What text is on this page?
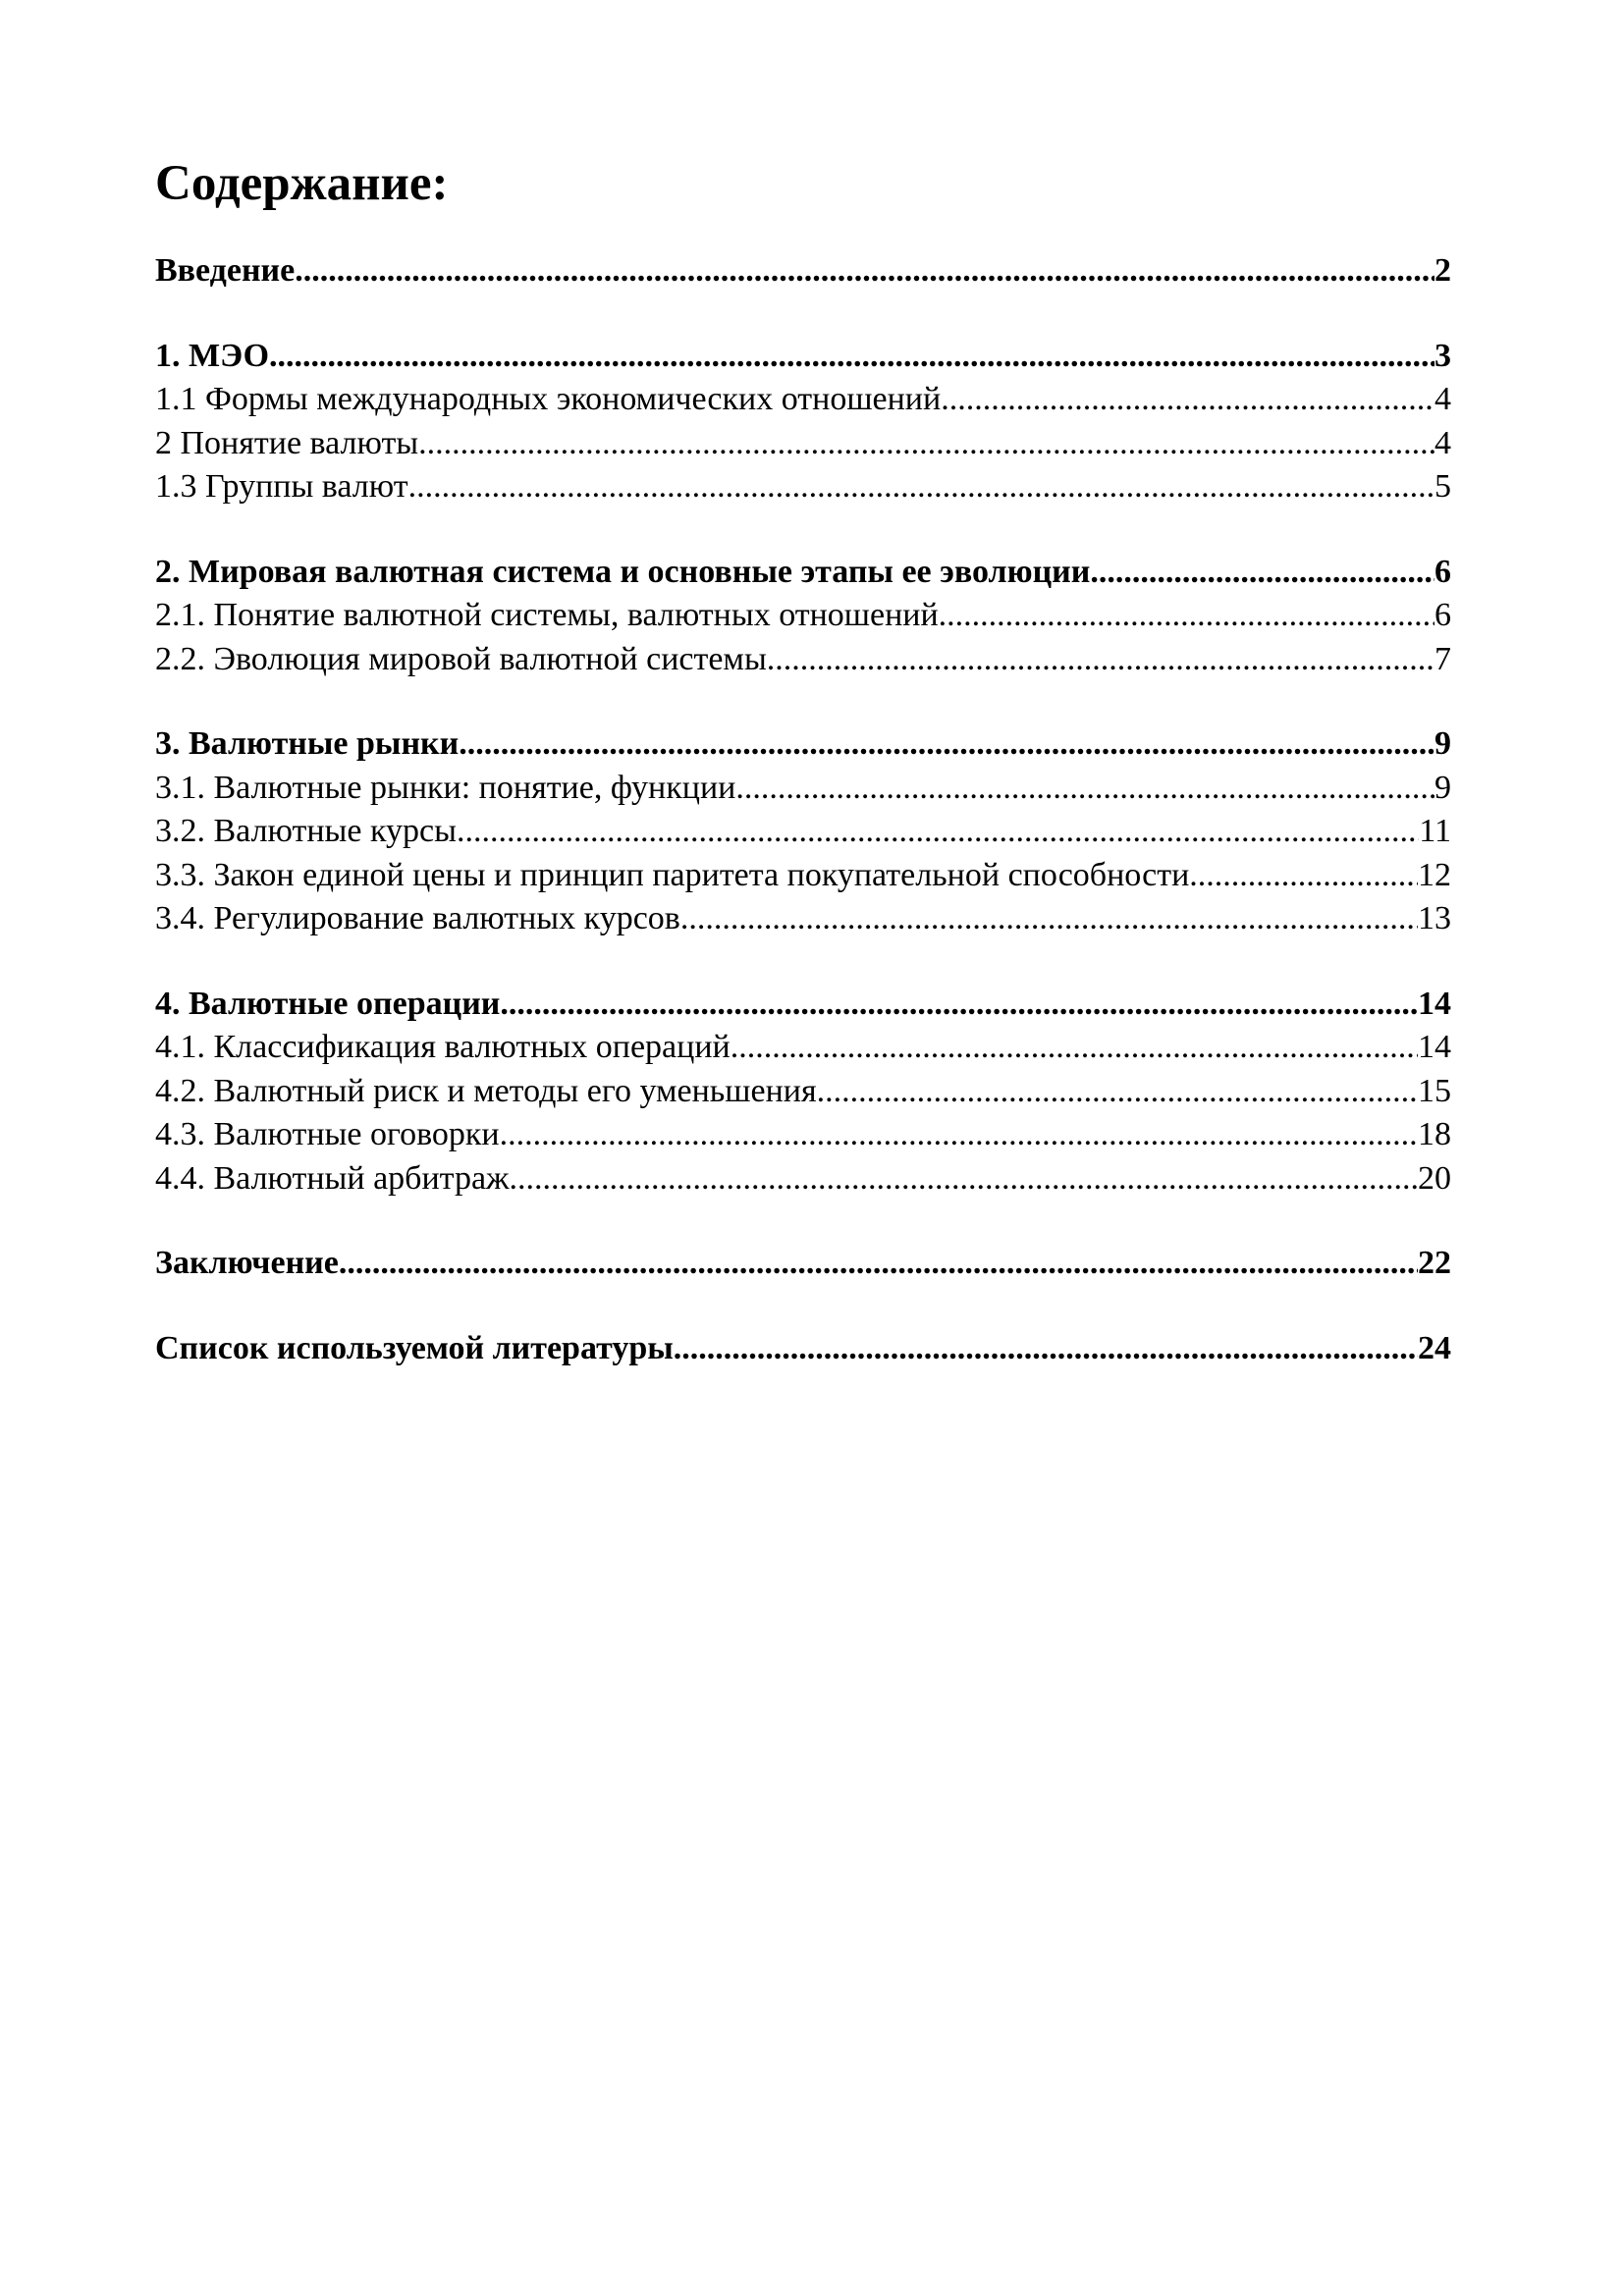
Содержание:
Введение .....	2
1. МЭО .....	3
1.1 Формы международных экономических отношений .....	4
2 Понятие валюты .....	4
1.3 Группы валют .....	5
2. Мировая валютная система и основные этапы ее эволюции .....	6
2.1. Понятие валютной системы, валютных отношений .....	6
2.2. Эволюция мировой валютной системы .....	7
3. Валютные рынки .....	9
3.1. Валютные рынки: понятие, функции .....	9
3.2. Валютные курсы .....	11
3.3. Закон единой цены и принцип паритета покупательной способности .....	12
3.4. Регулирование валютных курсов .....	13
4. Валютные операции .....	14
4.1. Классификация валютных операций .....	14
4.2. Валютный риск и методы его уменьшения .....	15
4.3. Валютные оговорки .....	18
4.4. Валютный арбитраж .....	20
Заключение .....	22
Список используемой литературы .....	24
